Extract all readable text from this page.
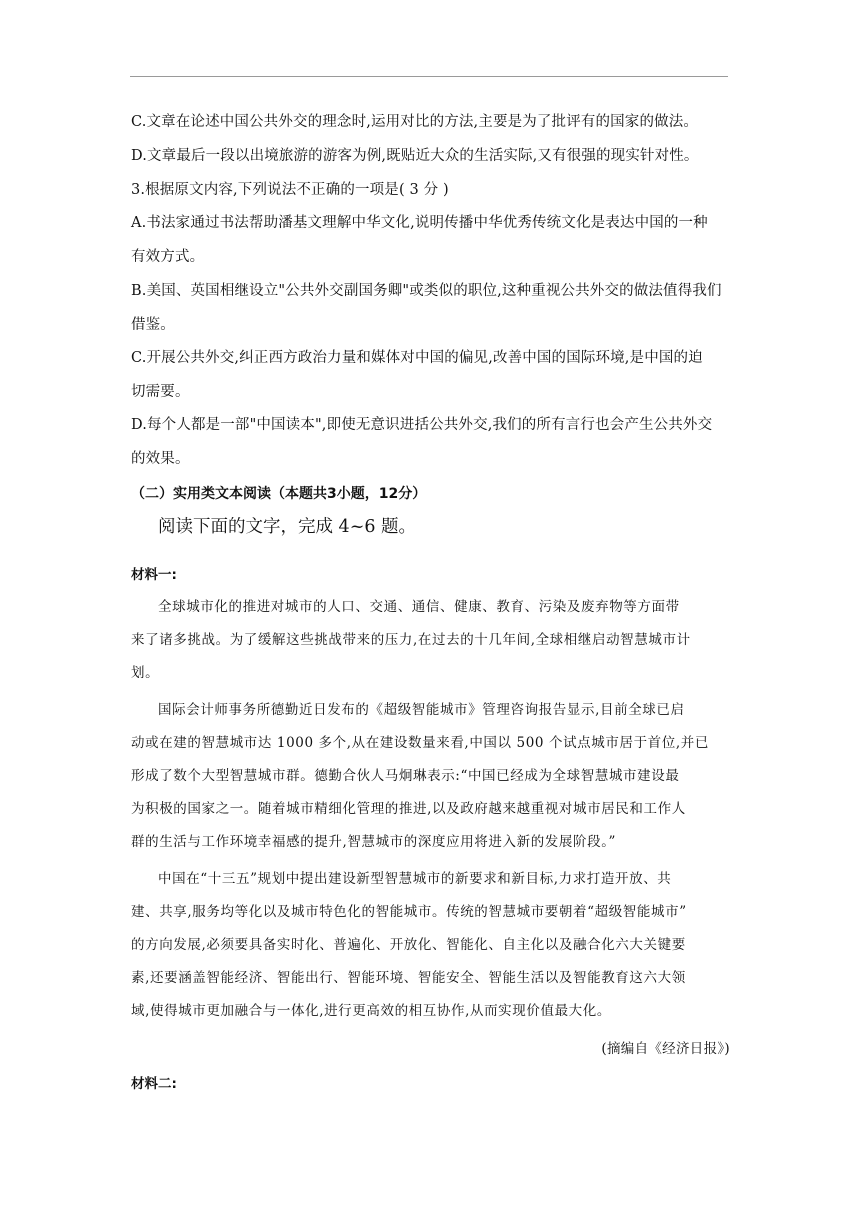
C.文章在论述中国公共外交的理念时,运用对比的方法,主要是为了批评有的国家的做法。
D.文章最后一段以出境旅游的游客为例,既贴近大众的生活实际,又有很强的现实针对性。
3.根据原文内容,下列说法不正确的一项是( 3 分 )
A.书法家通过书法帮助潘基文理解中华文化,说明传播中华优秀传统文化是表达中国的一种
有效方式。
B.美国、英国相继设立"公共外交副国务卿"或类似的职位,这种重视公共外交的做法值得我们
借鉴。
C.开展公共外交,纠正西方政治力量和媒体对中国的偏见,改善中国的国际环境,是中国的迫
切需要。
D.每个人都是一部"中国读本",即使无意识进括公共外交,我们的所有言行也会产生公共外交
的效果。
（二）实用类文本阅读（本题共3小题，12分）
阅读下面的文字，完成 4~6 题。
材料一:
全球城市化的推进对城市的人口、交通、通信、健康、教育、污染及废弃物等方面带
来了诸多挑战。为了缓解这些挑战带来的压力,在过去的十几年间,全球相继启动智慧城市计
划。
国际会计师事务所德勤近日发布的《超级智能城市》管理咨询报告显示,目前全球已启
动或在建的智慧城市达 1000 多个,从在建设数量来看,中国以 500 个试点城市居于首位,并已
形成了数个大型智慧城市群。德勤合伙人马炯琳表示:“中国已经成为全球智慧城市建设最
为积极的国家之一。随着城市精细化管理的推进,以及政府越来越重视对城市居民和工作人
群的生活与工作环境幸福感的提升,智慧城市的深度应用将进入新的发展阶段。”
中国在“十三五”规划中提出建设新型智慧城市的新要求和新目标,力求打造开放、共
建、共享,服务均等化以及城市特色化的智能城市。传统的智慧城市要朝着“超级智能城市”
的方向发展,必须要具备实时化、普遍化、开放化、智能化、自主化以及融合化六大关键要
素,还要涵盖智能经济、智能出行、智能环境、智能安全、智能生活以及智能教育这六大领
域,使得城市更加融合与一体化,进行更高效的相互协作,从而实现价值最大化。
(摘编自《经济日报》)
材料二:
